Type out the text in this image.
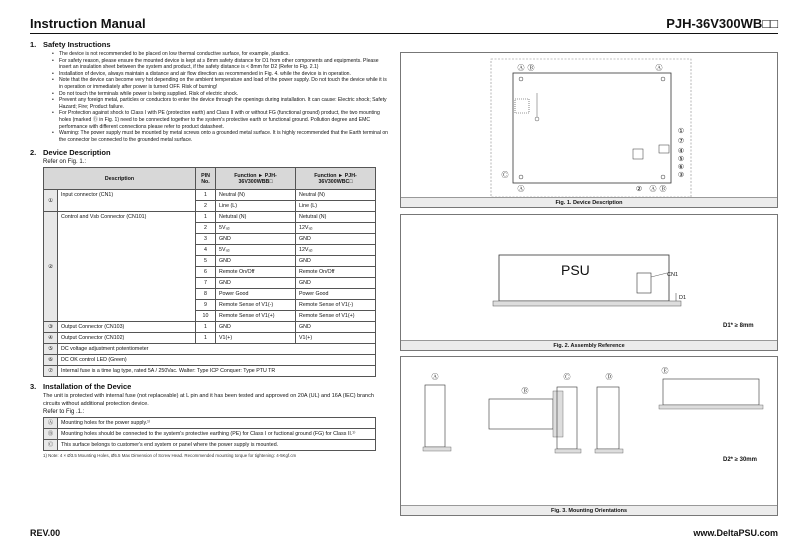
Instruction Manual	PJH-36V300WB□□
1. Safety Instructions
• The device is not recommended to be placed on low thermal conductive surface, for example, plastics.
• For safety reason, please ensure the mounted device is kept at ≥ 8mm safety distance for D1 from other components and equipments. Please insert an insulation sheet between the system and product, if the safety distance is < 8mm for D2 (Refer to Fig. 2.1)
• Installation of device, always maintain a distance and air flow direction as recommended in Fig. 4. while the device is in operation.
• Note that the device can become very hot depending on the ambient temperature and load of the power supply. Do not touch the device while it is in operation or immediately after power is turned OFF. Risk of burning!
• Do not touch the terminals while power is being supplied. Risk of electric shock.
• Prevent any foreign metal, particles or conductors to enter the device through the openings during installation. It can cause: Electric shock; Safety Hazard; Fire; Product failure.
• For Protection against shock to Class I with PE (protection earth) and Class II with or without FG (functional ground) product, the two mounting holes (marked Ⓑ in Fig. 1) need to be connected together to the system's protective earth or functional ground. Pollution degree and EMC performance with different connections please refer to product datasheet.
• Warning: The power supply must be mounted by metal screws onto a grounded metal surface. It is highly recommended that the Earth terminal on the connector be connected to the grounded metal surface.
2. Device Description
Refer on Fig. 1.:
Description		PIN No.	Function ► PJH-36V300WBB□	Function ► PJH-36V300WBC□
①	Input connector (CN1)	1	Neutral (N)	Neutral (N)
		2	Line (L)	Line (L)
②	Control and Vsb Connector (CN101)	1	Netutral (N)	Netutral (N)
		2	5V⁣ₛᵦ	12Vₛᵦ
		3	GND	GND
		4	5Vₛᵦ	12Vₛᵦ
		5	GND	GND
		6	Remote On/Off	Remote On/Off
		7	GND	GND
		8	Power Good	Power Good
		9	Remote Sense of V1(-)	Remote Sense of V1(-)
		10	Remote Sense of V1(+)	Remote Sense of V1(+)
③	Output Connector (CN103)	1	GND	GND
④	Output Connector (CN102)	1	V1(+)	V1(+)
⑤	DC voltage adjustment potentiometer			
⑥	DC OK control LED (Green)			
⑦	Internal fuse is a time lag type, rated 5A / 250Vac. Walter: Type ICP Conquer: Type PTU TR			
3. Installation of the Device
The unit is protected with internal fuse (not replaceable) at L pin and it has been tested and approved on 20A (UL) and 16A (IEC) branch circuits without additional protection device.
Refer to Fig .1.:
Ⓐ	Mounting holes for the power supply.¹⁾
Ⓑ	Mounting holes should be connected to the system's protective earthing (PE) for Class I or fuctional ground (FG) for Class II.¹⁾
Ⓒ	This surface belongs to customer's end system or panel where the power supply is mounted.
1) Note: 4 × Ø3.5 Mounting Holes, Ø5.5 Max Dimension of Screw Head. Recommended mounting torque for tightening: 4-5Kgf.cm
Ⓐ Ⓑ	Ⓐ
Ⓒ
Ⓐ	② Ⓐ Ⓑ
①
⑦
④
⑤
⑥
③
Fig. 1. Device Description
PSU	CN1
D1
D1* ≥ 8mm
Fig. 2. Assembly Reference
Ⓐ
Ⓑ
Ⓒ	Ⓓ
Ⓔ
D2* ≥ 30mm
Fig. 3. Mounting Orientations
REV.00	www.DeltaPSU.com
